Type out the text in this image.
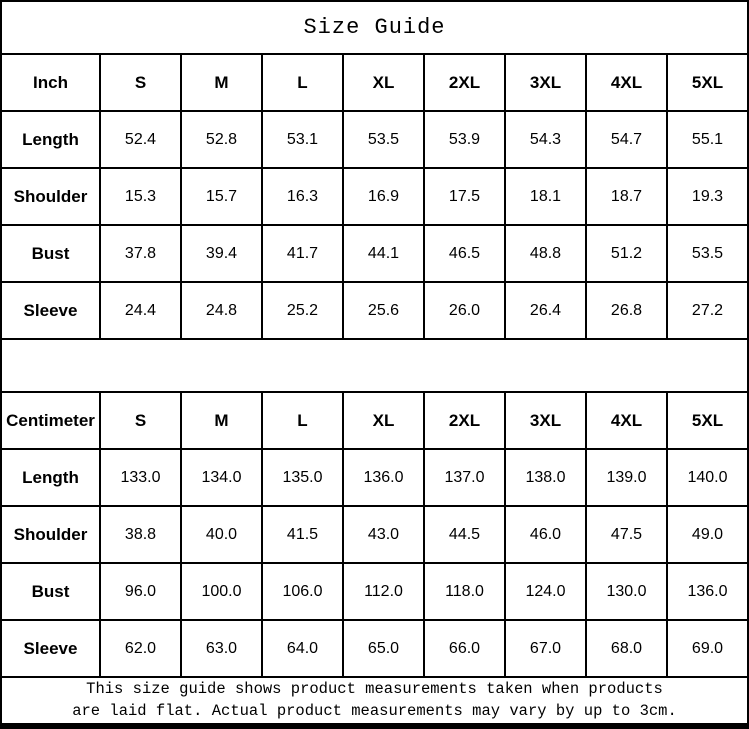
Size Guide								
Inch	S	M	L	XL	2XL	3XL	4XL	5XL
Length	52.4	52.8	53.1	53.5	53.9	54.3	54.7	55.1
Shoulder	15.3	15.7	16.3	16.9	17.5	18.1	18.7	19.3
Bust	37.8	39.4	41.7	44.1	46.5	48.8	51.2	53.5
Sleeve	24.4	24.8	25.2	25.6	26.0	26.4	26.8	27.2

Centimeter	S	M	L	XL	2XL	3XL	4XL	5XL
Length	133.0	134.0	135.0	136.0	137.0	138.0	139.0	140.0
Shoulder	38.8	40.0	41.5	43.0	44.5	46.0	47.5	49.0
Bust	96.0	100.0	106.0	112.0	118.0	124.0	130.0	136.0
Sleeve	62.0	63.0	64.0	65.0	66.0	67.0	68.0	69.0

This size guide shows product measurements taken when products
are laid flat. Actual product measurements may vary by up to 3cm.								
